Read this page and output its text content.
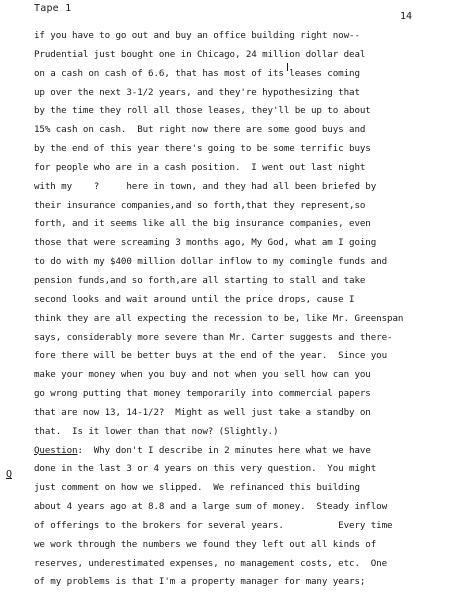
Tape 1
14
Q
if you have to go out and buy an office building right now--
Prudential just bought one in Chicago, 24 million dollar deal
on a cash on cash of 6.6, that has most of its leases coming
up over the next 3-1/2 years, and they're hypothesizing that
by the time they roll all those leases, they'll be up to about
15% cash on cash.  But right now there are some good buys and
by the end of this year there's going to be some terrific buys
for people who are in a cash position.  I went out last night
with my    ?     here in town, and they had all been briefed by
their insurance companies,and so forth,that they represent,so
forth, and it seems like all the big insurance companies, even
those that were screaming 3 months ago, My God, what am I going
to do with my $400 million dollar inflow to my comingle funds and
pension funds,and so forth,are all starting to stall and take
second looks and wait around until the price drops, cause I
think they are all expecting the recession to be, like Mr. Greenspan
says, considerably more severe than Mr. Carter suggests and there-
fore there will be better buys at the end of the year.  Since you
make your money when you buy and not when you sell how can you
go wrong putting that money temporarily into commercial papers
that are now 13, 14-1/2?  Might as well just take a standby on
that.  Is it lower than that now? (Slightly.)
Question:  Why don't I describe in 2 minutes here what we have
done in the last 3 or 4 years on this very question.  You might
just comment on how we slipped.  We refinanced this building
about 4 years ago at 8.8 and a large sum of money.  Steady inflow
of offerings to the brokers for several years.          Every time
we work through the numbers we found they left out all kinds of
reserves, underestimated expenses, no management costs, etc.  One
of my problems is that I'm a property manager for many years;
